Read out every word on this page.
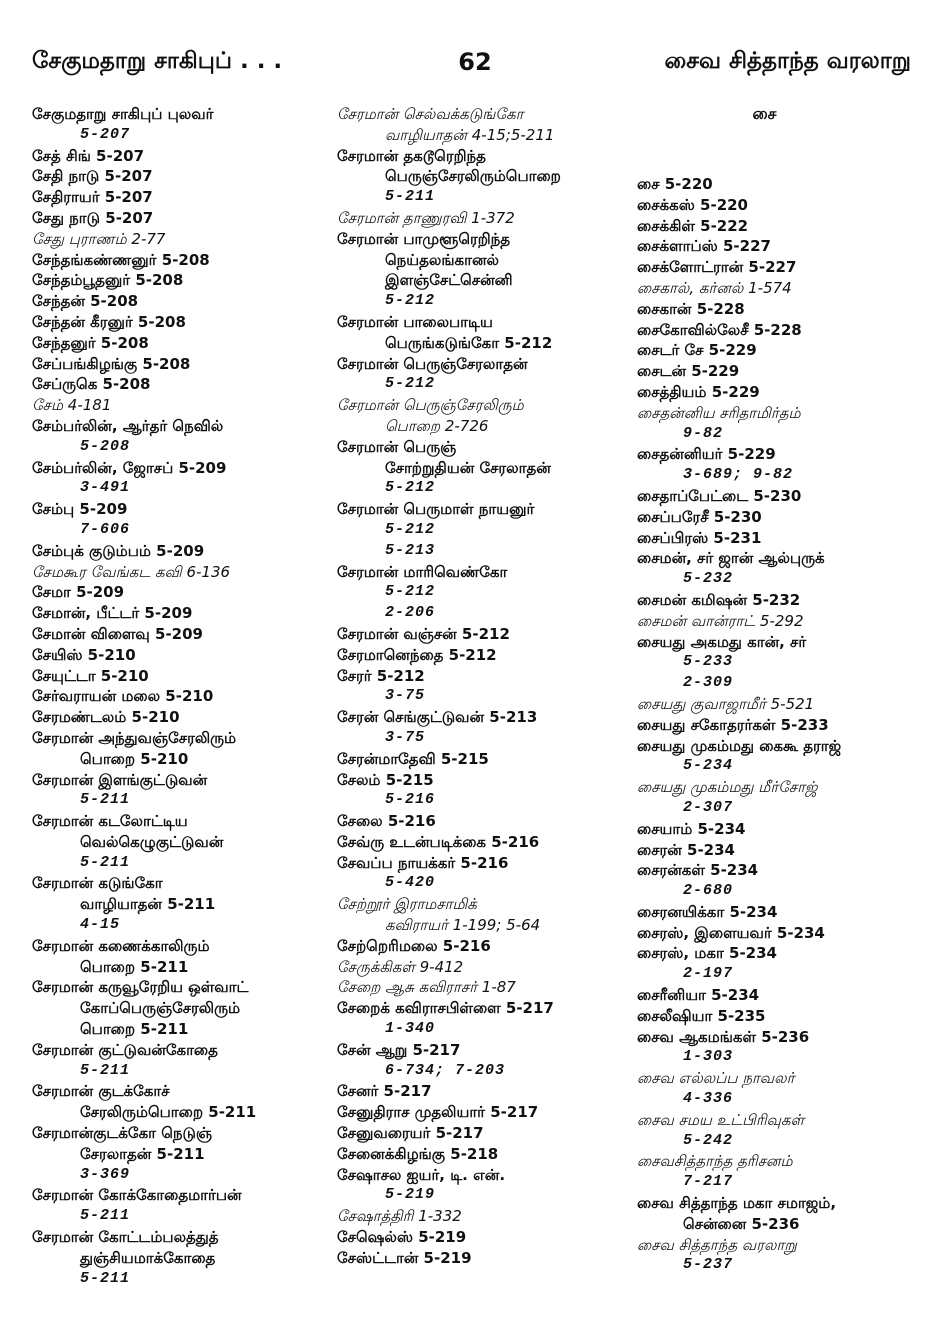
சேகுமதாறு சாகிபுப் . . .	62	சைவ சித்தாந்த வரலாறு
சேகுமதாறு சாகிபுப் புலவர்
5-207
சேத் சிங் 5-207
சேதி நாடு 5-207
சேதிராயர் 5-207
சேது நாடு 5-207
சேது புராணம் 2-77
சேந்தங்கண்ணனுர் 5-208
சேந்தம்பூதனுர் 5-208
சேந்தன் 5-208
சேந்தன் கீரனுர் 5-208
சேந்தனுர் 5-208
சேப்பங்கிழங்கு 5-208
சேப்ருகெ 5-208
சேம் 4-181
சேம்பர்லின், ஆர்தர் நெவில்
5-208
சேம்பர்லின், ஜோசப் 5-209
3-491
சேம்பு 5-209
7-606
சேம்புக் குடும்பம் 5-209
சேமகூர வேங்கட கவி 6-136
சேமா 5-209
சேமான், பீட்டர் 5-209
சேமான் விளைவு 5-209
சேயிஸ் 5-210
சேயுட்டா 5-210
சேர்வராயன் மலை 5-210
சேரமண்டலம் 5-210
சேரமான் அந்துவஞ்சேரலிரும்
பொறை 5-210
சேரமான் இளங்குட்டுவன்
5-211
சேரமான் கடலோட்டிய
வெல்கெழுகுட்டுவன்
5-211
சேரமான் கடுங்கோ
வாழியாதன் 5-211
4-15
சேரமான் கணைக்காலிரும்
பொறை 5-211
சேரமான் கருவூரேறிய ஒள்வாட்
கோப்பெருஞ்சேரலிரும்
பொறை 5-211
சேரமான் குட்டுவன்கோதை
5-211
சேரமான் குடக்கோச்
சேரலிரும்பொறை 5-211
சேரமான்குடக்கோ நெடுஞ்
சேரலாதன் 5-211
3-369
சேரமான் கோக்கோதைமார்பன்
5-211
சேரமான் கோட்டம்பலத்துத்
துஞ்சியமாக்கோதை
5-211
சேரமான் செல்வக்கடுங்கோ
வாழியாதன் 4-15;5-211
சேரமான் தகடூரெறிந்த
பெருஞ்சேரலிரும்பொறை
5-211
சேரமான் தாணுரவி 1-372
சேரமான் பாமுளூரெறிந்த
நெய்தலங்கானல்
இளஞ்சேட்சென்னி
5-212
சேரமான் பாலைபாடிய
பெருங்கடுங்கோ 5-212
சேரமான் பெருஞ்சேரலாதன்
5-212
சேரமான் பெருஞ்சேரலிரும்
பொறை 2-726
சேரமான் பெருஞ்
சோற்றுதியன் சேரலாதன்
5-212
சேரமான் பெருமாள் நாயனுர்
5-212
5-213
சேரமான் மாரிவெண்கோ
5-212
2-206
சேரமான் வஞ்சன் 5-212
சேரமானெந்தை 5-212
சேரர் 5-212
3-75
சேரன் செங்குட்டுவன் 5-213
3-75
சேரன்மாதேவி 5-215
சேலம் 5-215
5-216
சேலை 5-216
சேவ்ரு உடன்படிக்கை 5-216
சேவப்ப நாயக்கர் 5-216
5-420
சேற்றூர் இராமசாமிக்
கவிராயர் 1-199; 5-64
சேற்றெரிமலை 5-216
சேருக்கிகள் 9-412
சேறை ஆசு கவிராசர் 1-87
சேறைக் கவிராசபிள்ளை 5-217
1-340
சேன் ஆறு 5-217
6-734; 7-203
சேனர் 5-217
சேனுதிராச முதலியார் 5-217
சேனுவரையர் 5-217
சேனைக்கிழங்கு 5-218
சேஷாசல ஐயர், டி. என்.
5-219
சேஷாத்திரி 1-332
சேஷெல்ஸ் 5-219
சேஸ்ட்டான் 5-219
சை
சை 5-220
சைக்கஸ் 5-220
சைக்கிள் 5-222
சைக்ளாப்ஸ் 5-227
சைக்ளோட்ரான் 5-227
சைகால், கர்னல் 1-574
சைகான் 5-228
சைகோவில்லேசீ 5-228
சைடர் சே 5-229
சைடன் 5-229
சைத்தியம் 5-229
சைதன்னிய சரிதாமிர்தம்
9-82
சைதன்னியர் 5-229
3-689; 9-82
சைதாப்பேட்டை 5-230
சைப்பரேசீ 5-230
சைப்பிரஸ் 5-231
சைமன், சர் ஜான் ஆல்புருக்
5-232
சைமன் கமிஷன் 5-232
சைமன் வான்ராட் 5-292
சையது அகமது கான், சர்
5-233
2-309
சையது குவாஜாமீர் 5-521
சையது சகோதரர்கள் 5-233
சையது முகம்மது கைகூ தராஜ்
5-234
சையது முகம்மது மீர்சோஜ்
2-307
சையாம் 5-234
சைரன் 5-234
சைரன்கள் 5-234
2-680
சைரனயிக்கா 5-234
சைரஸ், இளையவர் 5-234
சைரஸ், மகா 5-234
2-197
சைரீனியா 5-234
சைலீஷியா 5-235
சைவ ஆகமங்கள் 5-236
1-303
சைவ எல்லப்ப நாவலர்
4-336
சைவ சமய உட்பிரிவுகள்
5-242
சைவசித்தாந்த தரிசனம்
7-217
சைவ சித்தாந்த மகா சமாஜம்,
சென்னை 5-236
சைவ சித்தாந்த வரலாறு
5-237
